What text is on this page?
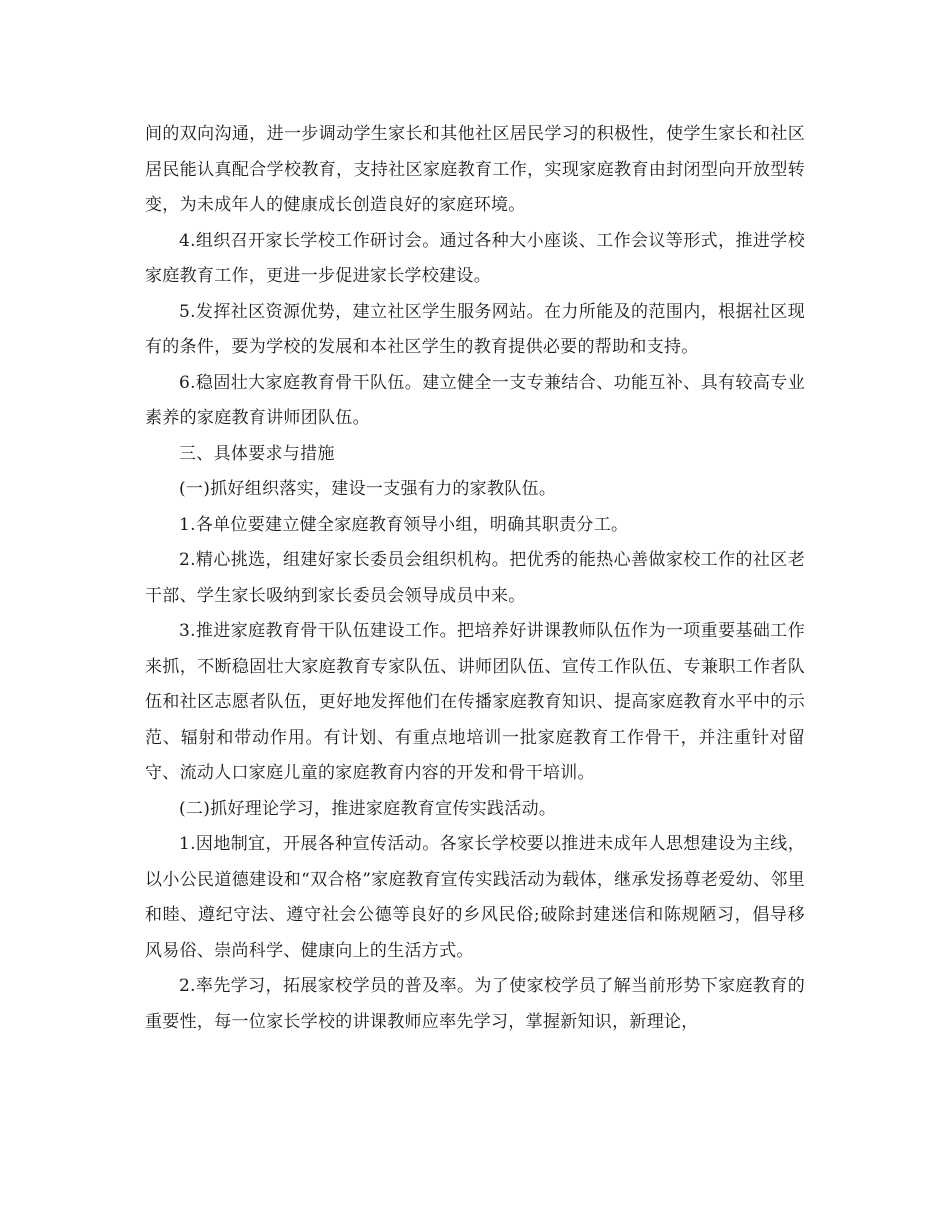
间的双向沟通，进一步调动学生家长和其他社区居民学习的积极性，使学生家长和社区居民能认真配合学校教育，支持社区家庭教育工作，实现家庭教育由封闭型向开放型转变，为未成年人的健康成长创造良好的家庭环境。

4.组织召开家长学校工作研讨会。通过各种大小座谈、工作会议等形式，推进学校家庭教育工作，更进一步促进家长学校建设。

5.发挥社区资源优势，建立社区学生服务网站。在力所能及的范围内，根据社区现有的条件，要为学校的发展和本社区学生的教育提供必要的帮助和支持。

6.稳固壮大家庭教育骨干队伍。建立健全一支专兼结合、功能互补、具有较高专业素养的家庭教育讲师团队伍。

三、具体要求与措施

(一)抓好组织落实，建设一支强有力的家教队伍。

1.各单位要建立健全家庭教育领导小组，明确其职责分工。

2.精心挑选，组建好家长委员会组织机构。把优秀的能热心善做家校工作的社区老干部、学生家长吸纳到家长委员会领导成员中来。

3.推进家庭教育骨干队伍建设工作。把培养好讲课教师队伍作为一项重要基础工作来抓，不断稳固壮大家庭教育专家队伍、讲师团队伍、宣传工作队伍、专兼职工作者队伍和社区志愿者队伍，更好地发挥他们在传播家庭教育知识、提高家庭教育水平中的示范、辐射和带动作用。有计划、有重点地培训一批家庭教育工作骨干，并注重针对留守、流动人口家庭儿童的家庭教育内容的开发和骨干培训。

(二)抓好理论学习，推进家庭教育宣传实践活动。

1.因地制宜，开展各种宣传活动。各家长学校要以推进未成年人思想建设为主线，以小公民道德建设和“双合格”家庭教育宣传实践活动为载体，继承发扬尊老爱幼、邻里和睦、遵纪守法、遵守社会公德等良好的乡风民俗;破除封建迷信和陈规陋习，倡导移风易俗、崇尚科学、健康向上的生活方式。

2.率先学习，拓展家校学员的普及率。为了使家校学员了解当前形势下家庭教育的重要性，每一位家长学校的讲课教师应率先学习，掌握新知识，新理论，
